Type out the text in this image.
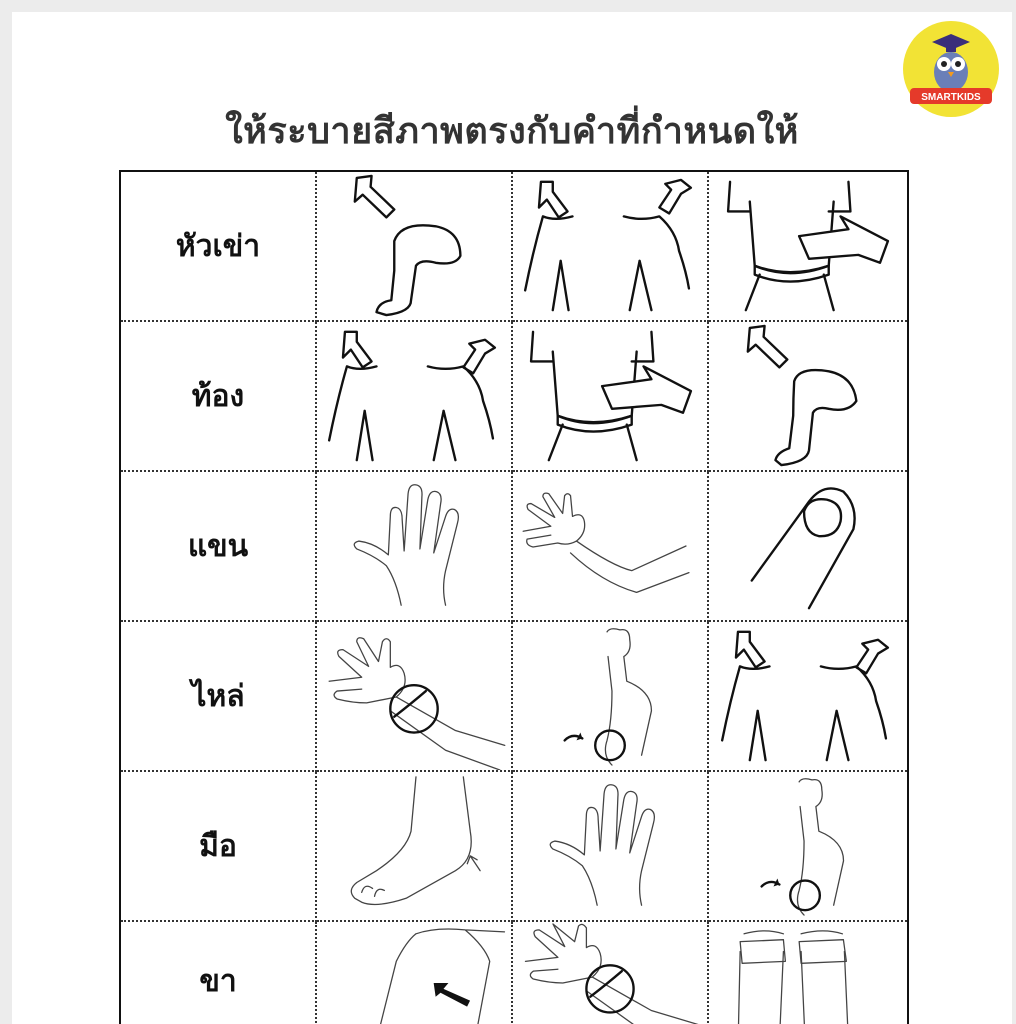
SMARTKIDS
ให้ระบายสีภาพตรงกับคำที่กำหนดให้
หัวเข่า
ท้อง
แขน
ไหล่
มือ
ขา
